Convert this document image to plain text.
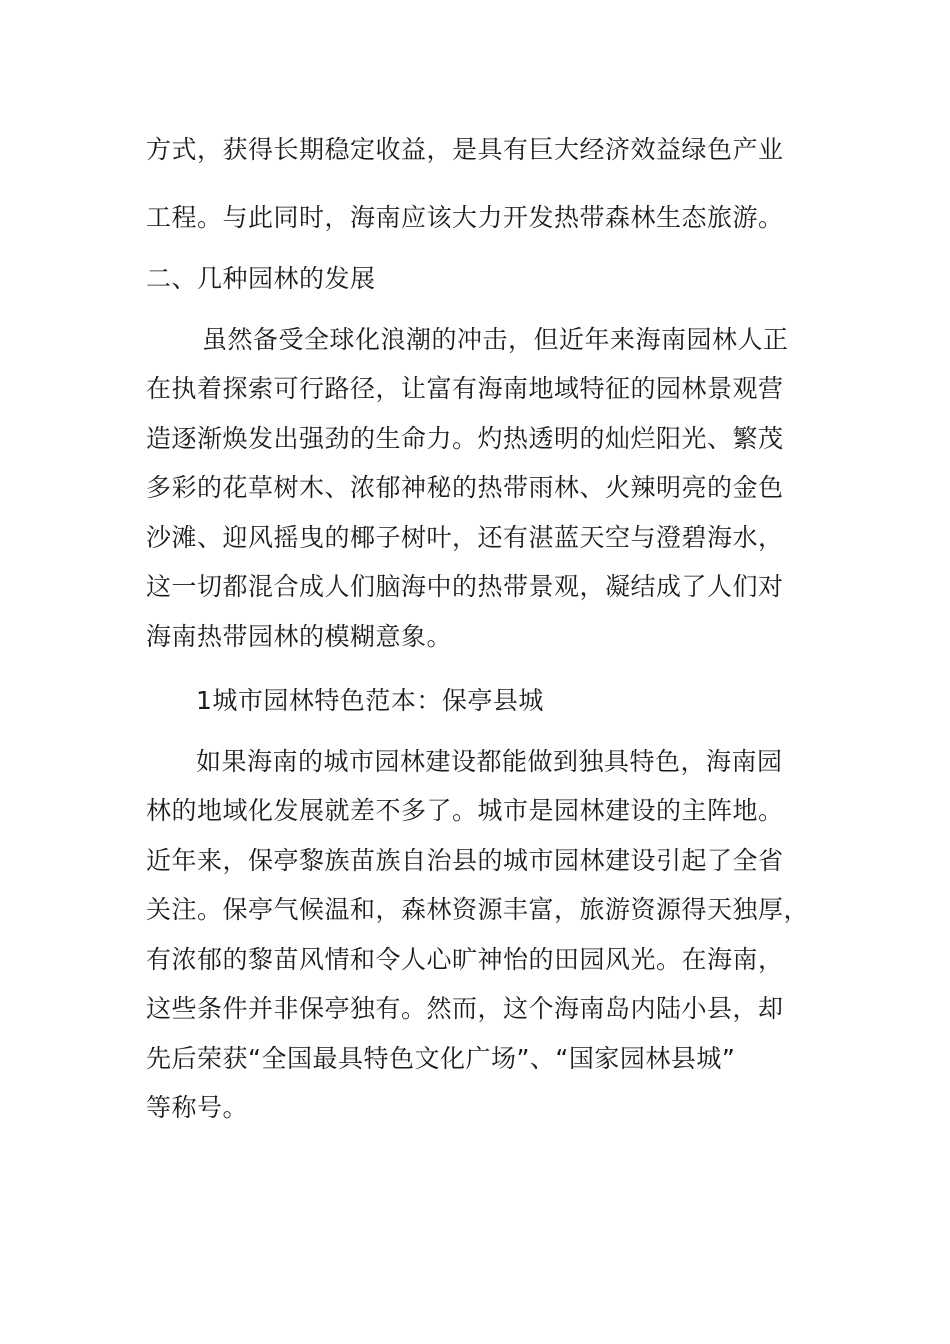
方式，获得长期稳定收益，是具有巨大经济效益绿色产业
工程。与此同时，海南应该大力开发热带森林生态旅游。
二、几种园林的发展
虽然备受全球化浪潮的冲击，但近年来海南园林人正
在执着探索可行路径，让富有海南地域特征的园林景观营
造逐渐焕发出强劲的生命力。灼热透明的灿烂阳光、繁茂
多彩的花草树木、浓郁神秘的热带雨林、火辣明亮的金色
沙滩、迎风摇曳的椰子树叶，还有湛蓝天空与澄碧海水，
这一切都混合成人们脑海中的热带景观，凝结成了人们对
海南热带园林的模糊意象。
1城市园林特色范本：保亭县城
如果海南的城市园林建设都能做到独具特色，海南园
林的地域化发展就差不多了。城市是园林建设的主阵地。
近年来，保亭黎族苗族自治县的城市园林建设引起了全省
关注。保亭气候温和，森林资源丰富，旅游资源得天独厚，
有浓郁的黎苗风情和令人心旷神怡的田园风光。在海南，
这些条件并非保亭独有。然而，这个海南岛内陆小县，却
先后荣获“全国最具特色文化广场”、“国家园林县城”
等称号。
